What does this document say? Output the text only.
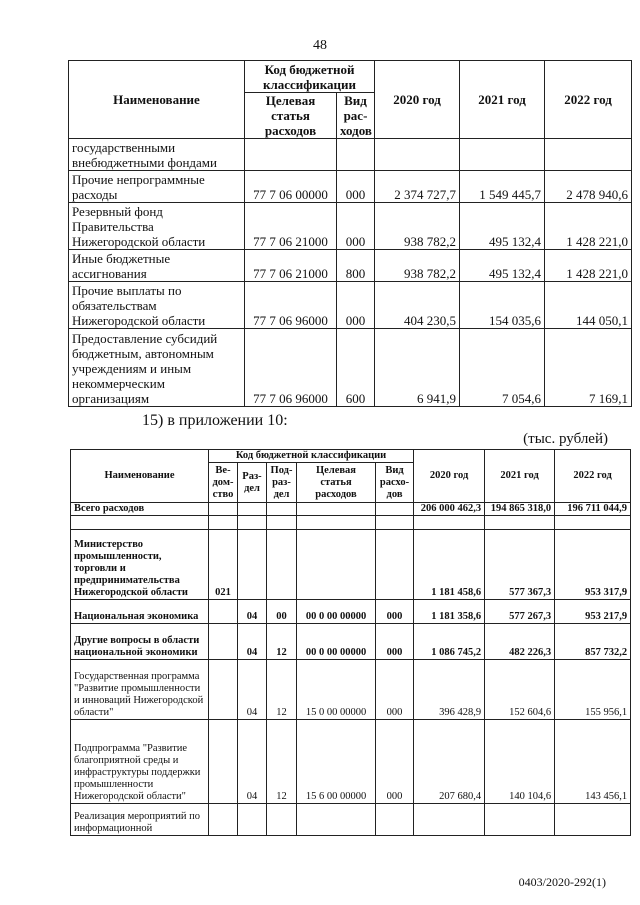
48
Наименование	Код бюджетной классификации		2020 год	2021 год	2022 год
	Целевая статья расходов	Вид рас-ходов			
государственными внебюджетными фондами					
Прочие непрограммные расходы	77 7 06 00000	000	2 374 727,7	1 549 445,7	2 478 940,6
Резервный фонд Правительства Нижегородской области	77 7 06 21000	000	938 782,2	495 132,4	1 428 221,0
Иные бюджетные ассигнования	77 7 06 21000	800	938 782,2	495 132,4	1 428 221,0
Прочие выплаты по обязательствам Нижегородской области	77 7 06 96000	000	404 230,5	154 035,6	144 050,1
Предоставление субсидий бюджетным, автономным учреждениям и иным некоммерческим организациям	77 7 06 96000	600	6 941,9	7 054,6	7 169,1
15) в приложении 10:
(тыс. рублей)
Наименование	Код бюджетной классификации					2020 год	2021 год	2022 год
	Ве-дом-ство	Раз-дел	Под-раз-дел	Целевая статья расходов	Вид расхо-дов			
Всего расходов						206 000 462,3	194 865 318,0	196 711 044,9

Министерство промышленности, торговли и предпринимательства Нижегородской области	021					1 181 458,6	577 367,3	953 317,9
Национальная экономика		04	00	00 0 00 00000	000	1 181 358,6	577 267,3	953 217,9
Другие вопросы в области национальной экономики		04	12	00 0 00 00000	000	1 086 745,2	482 226,3	857 732,2
Государственная программа "Развитие промышленности и инноваций Нижегородской области"		04	12	15 0 00 00000	000	396 428,9	152 604,6	155 956,1
Подпрограмма "Развитие благоприятной среды и инфраструктуры поддержки промышленности Нижегородской области"		04	12	15 6 00 00000	000	207 680,4	140 104,6	143 456,1
Реализация мероприятий по информационной								
0403/2020-292(1)
